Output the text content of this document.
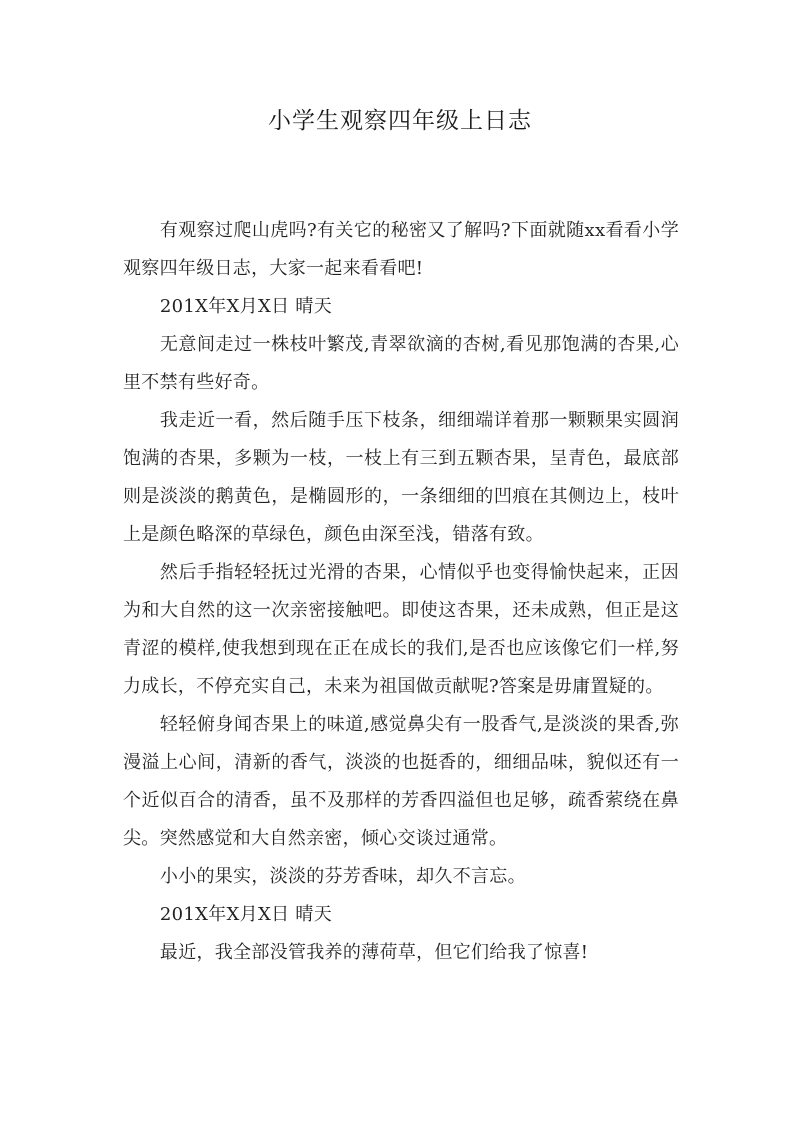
小学生观察四年级上日志

有观察过爬山虎吗?有关它的秘密又了解吗?下面就随xx看看小学观察四年级日志，大家一起来看看吧!

201X年X月X日 晴天

无意间走过一株枝叶繁茂,青翠欲滴的杏树,看见那饱满的杏果,心里不禁有些好奇。

我走近一看，然后随手压下枝条，细细端详着那一颗颗果实圆润饱满的杏果，多颗为一枝，一枝上有三到五颗杏果，呈青色，最底部则是淡淡的鹅黄色，是椭圆形的，一条细细的凹痕在其侧边上，枝叶上是颜色略深的草绿色，颜色由深至浅，错落有致。

然后手指轻轻抚过光滑的杏果，心情似乎也变得愉快起来，正因为和大自然的这一次亲密接触吧。即使这杏果，还未成熟，但正是这青涩的模样,使我想到现在正在成长的我们,是否也应该像它们一样,努力成长，不停充实自己，未来为祖国做贡献呢?答案是毋庸置疑的。

轻轻俯身闻杏果上的味道,感觉鼻尖有一股香气,是淡淡的果香,弥漫溢上心间，清新的香气，淡淡的也挺香的，细细品味，貌似还有一个近似百合的清香，虽不及那样的芳香四溢但也足够，疏香萦绕在鼻尖。突然感觉和大自然亲密，倾心交谈过通常。

小小的果实，淡淡的芬芳香味，却久不言忘。

201X年X月X日 晴天

最近，我全部没管我养的薄荷草，但它们给我了惊喜!
